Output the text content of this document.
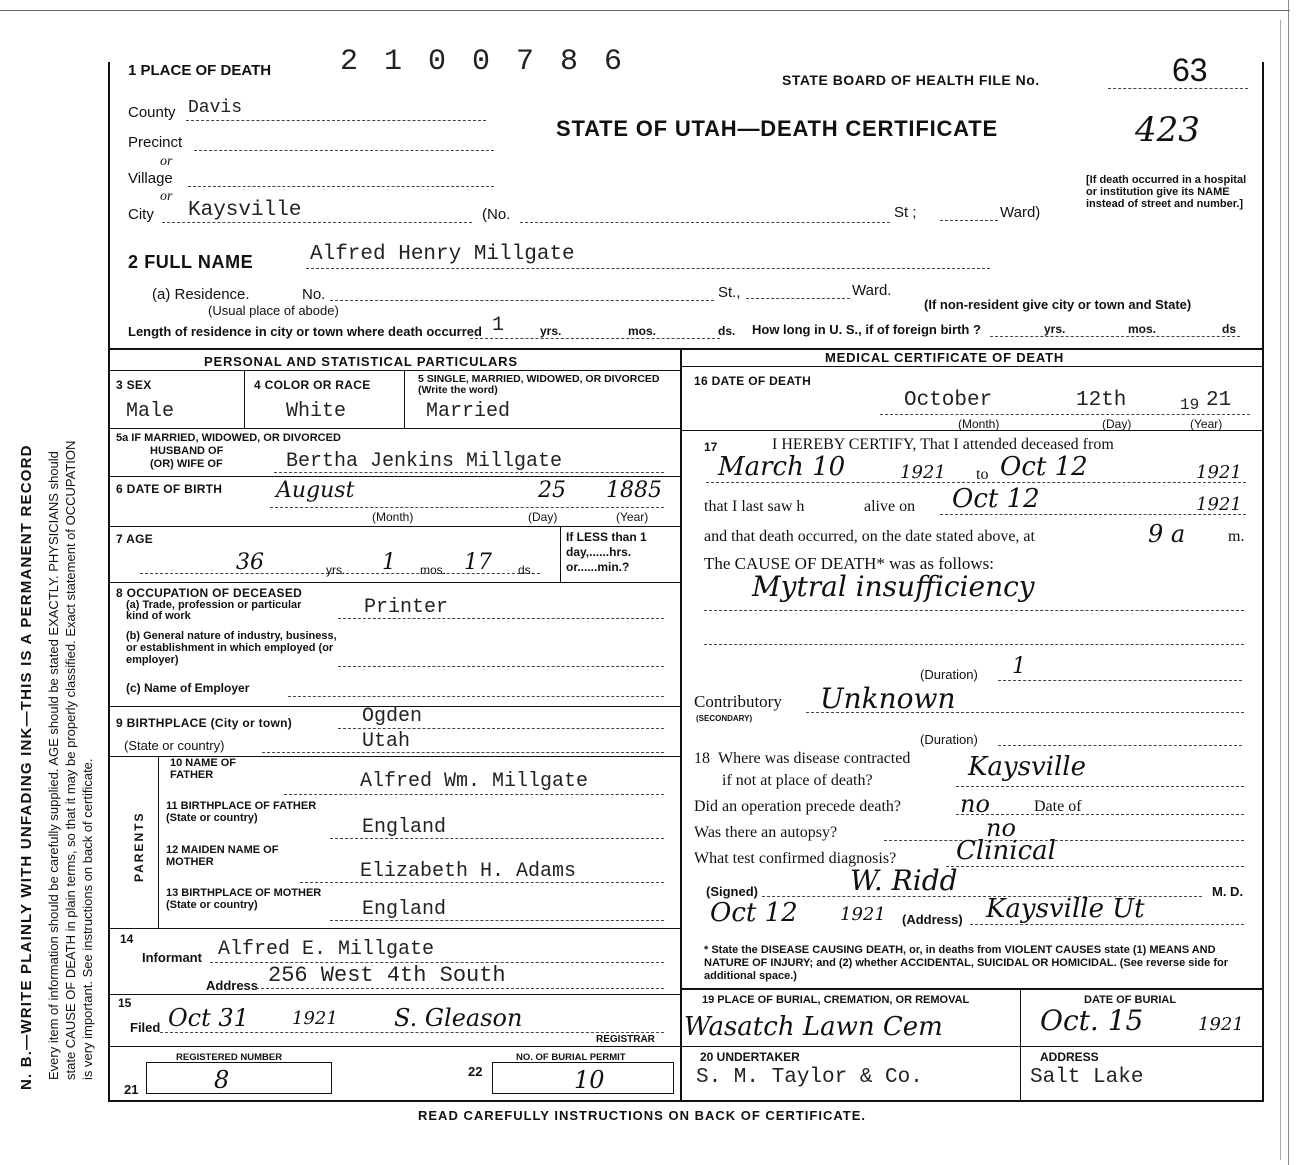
N. B.—WRITE PLAINLY WITH UNFADING INK—THIS IS A PERMANENT RECORD Every item of information should be carefully supplied. AGE should be stated EXACTLY. PHYSICIANS should state CAUSE OF DEATH in plain terms, so that it may be properly classified. Exact statement of OCCUPATION is very important. See instructions on back of certificate.
1 PLACE OF DEATH 2 1 0 0 7 8 6
STATE BOARD OF HEALTH FILE No.	63
STATE OF UTAH—DEATH CERTIFICATE	423
[If death occurred in a hospital or institution give its NAME instead of street and number.]
County Davis
Precinct
or
Village
or
City Kaysville	(No.	St ;	Ward)
2 FULL NAME	Alfred Henry Millgate
(a) Residence.	No.
(Usual place of abode)
St.,	Ward.
(If non-resident give city or town and State)
Length of residence in city or town where death occurred 1	yrs.	mos.	ds. How long in U. S., if of foreign birth ?	yrs.	mos.	ds
PERSONAL AND STATISTICAL PARTICULARS	MEDICAL CERTIFICATE OF DEATH
3 SEX
Male
4 COLOR OR RACE
White
5 SINGLE, MARRIED, WIDOWED, OR DIVORCED (Write the word)
Married
5a IF MARRIED, WIDOWED, OR DIVORCED
HUSBAND OF
(OR) WIFE OF	Bertha Jenkins Millgate
6 DATE OF BIRTH August	25 1885
(Month)	(Day)	(Year)
7 AGE
36	yrs. 1 mos. 17 ds.
If LESS than 1 day,......hrs. or......min.?
8 OCCUPATION OF DECEASED
(a) Trade, profession or particular kind of work	Printer
(b) General nature of industry, business, or establishment in which employed (or employer)
(c) Name of Employer
9 BIRTHPLACE (City or town)	Ogden
(State or country)	Utah
PARENTS
10 NAME OF FATHER	Alfred Wm. Millgate
11 BIRTHPLACE OF FATHER (State or country)	England
12 MAIDEN NAME OF MOTHER	Elizabeth H. Adams
13 BIRTHPLACE OF MOTHER (State or country)	England
14
Informant Alfred E. Millgate
Address 256 West 4th South
15
Filed Oct 31 1921 S. Gleason
REGISTRAR
REGISTERED NUMBER
21	8
NO. OF BURIAL PERMIT
22	10
16 DATE OF DEATH
October	12th	19 21
(Month)	(Day)	(Year)
17	I HEREBY CERTIFY, That I attended deceased from
March 10	1921 to Oct 12	1921
that I last saw h	alive on Oct 12	1921
and that death occurred, on the date stated above, at	9 a	m.
The CAUSE OF DEATH* was as follows:
Mytral insufficiency
(Duration) 1
Contributory
(SECONDARY)
Unknown
(Duration)
18 Where was disease contracted
if not at place of death?	Kaysville
Did an operation precede death? no	Date of
Was there an autopsy?	no
What test confirmed diagnosis? Clinical
(Signed)	W. Ridd	M. D.
Oct 12 1921 (Address) Kaysville Ut
* State the DISEASE CAUSING DEATH, or, in deaths from VIOLENT CAUSES state (1) MEANS AND NATURE OF INJURY; and (2) whether ACCIDENTAL, SUICIDAL OR HOMICIDAL. (See reverse side for additional space.)
19 PLACE OF BURIAL, CREMATION, OR REMOVAL
Wasatch Lawn Cem
DATE OF BURIAL
Oct. 15	1921
20 UNDERTAKER
S. M. Taylor & Co.
ADDRESS
Salt Lake
READ CAREFULLY INSTRUCTIONS ON BACK OF CERTIFICATE.
